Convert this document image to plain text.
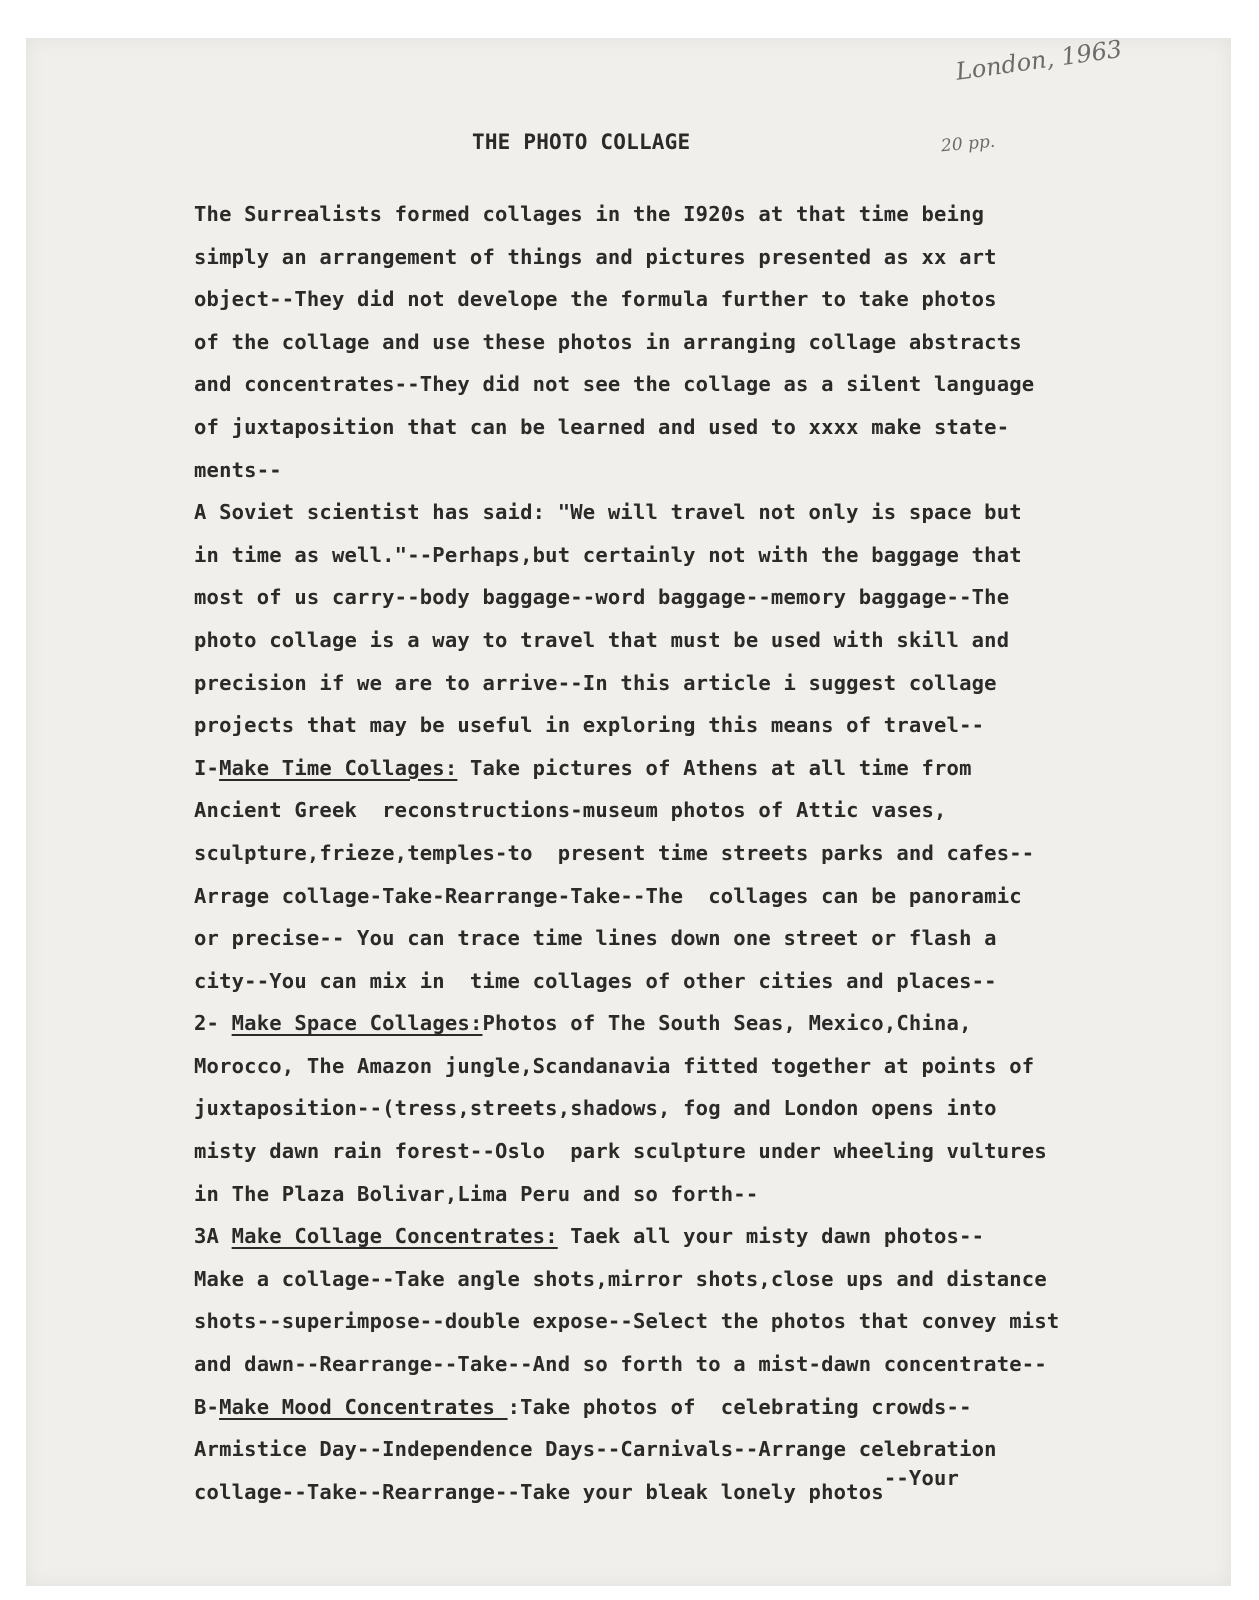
London, 1963
20 pp.
THE PHOTO COLLAGE
The Surrealists formed collages in the I920s at that time being
simply an arrangement of things and pictures presented as xx art
object--They did not develope the formula further to take photos
of the collage and use these photos in arranging collage abstracts
and concentrates--They did not see the collage as a silent language
of juxtaposition that can be learned and used to xxxx make state-
ments--
A Soviet scientist has said: "We will travel not only is space but
in time as well."--Perhaps,but certainly not with the baggage that
most of us carry--body baggage--word baggage--memory baggage--The
photo collage is a way to travel that must be used with skill and
precision if we are to arrive--In this article i suggest collage
projects that may be useful in exploring this means of travel--
I-Make Time Collages: Take pictures of Athens at all time from
Ancient Greek  reconstructions-museum photos of Attic vases,
sculpture,frieze,temples-to  present time streets parks and cafes--
Arrage collage-Take-Rearrange-Take--The  collages can be panoramic
or precise-- You can trace time lines down one street or flash a
city--You can mix in  time collages of other cities and places--
2- Make Space Collages:Photos of The South Seas, Mexico,China,
Morocco, The Amazon jungle,Scandanavia fitted together at points of
juxtaposition--(tress,streets,shadows, fog and London opens into
misty dawn rain forest--Oslo  park sculpture under wheeling vultures
in The Plaza Bolivar,Lima Peru and so forth--
3A Make Collage Concentrates: Taek all your misty dawn photos--
Make a collage--Take angle shots,mirror shots,close ups and distance
shots--superimpose--double expose--Select the photos that convey mist
and dawn--Rearrange--Take--And so forth to a mist-dawn concentrate--
B-Make Mood Concentrates :Take photos of  celebrating crowds--
Armistice Day--Independence Days--Carnivals--Arrange celebration
collage--Take--Rearrange--Take your bleak lonely photos--Your
